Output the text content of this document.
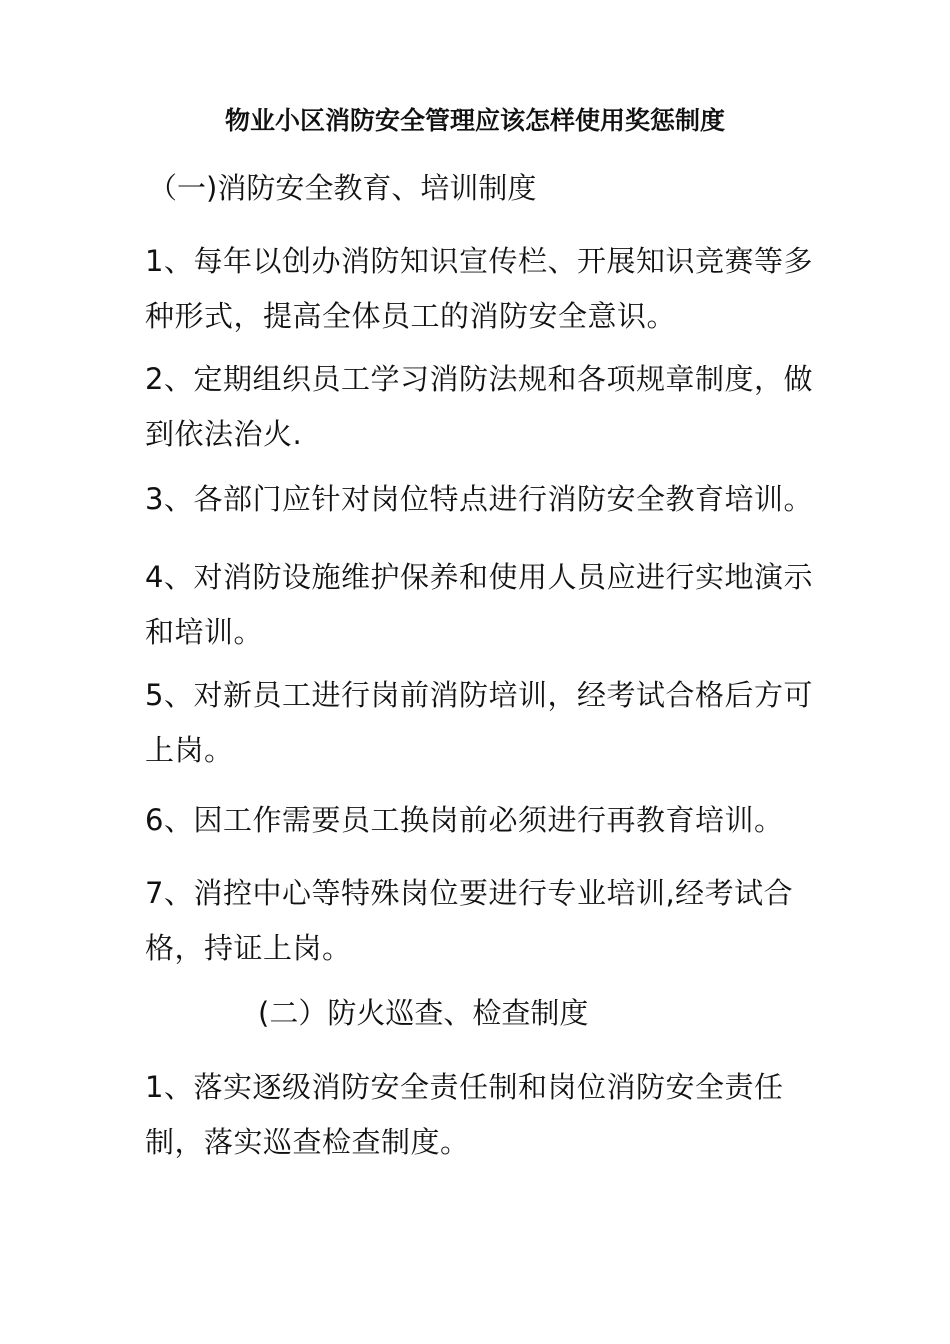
物业小区消防安全管理应该怎样使用奖惩制度

（一)消防安全教育、培训制度

1、每年以创办消防知识宣传栏、开展知识竞赛等多种形式，提高全体员工的消防安全意识。

2、定期组织员工学习消防法规和各项规章制度，做到依法治火.

3、各部门应针对岗位特点进行消防安全教育培训。

4、对消防设施维护保养和使用人员应进行实地演示和培训。

5、对新员工进行岗前消防培训，经考试合格后方可上岗。

6、因工作需要员工换岗前必须进行再教育培训。

7、消控中心等特殊岗位要进行专业培训,经考试合格，持证上岗。

(二）防火巡查、检查制度

1、落实逐级消防安全责任制和岗位消防安全责任制，落实巡查检查制度。
